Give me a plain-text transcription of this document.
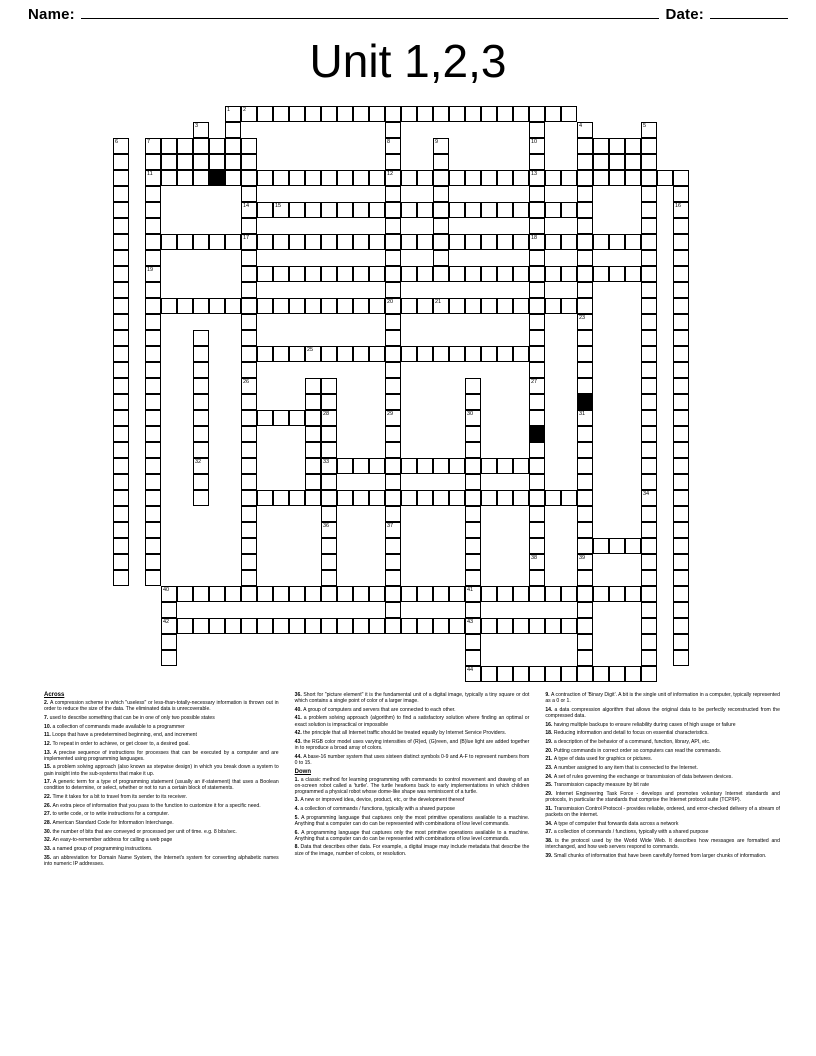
Name:	Date:
Unit 1,2,3
1 2
3	4	5
6	7	8	9	10
11	12	13
14	15	16
17	18
19
20	21
23
25
26	27
28	29	30	31
32	33
34
36	37
38	39
40	41
42	43
44
Across

2. A compression scheme in which "useless" or less-than-totally-necessary information is thrown out in order to reduce the size of the data. The eliminated data is unrecoverable.

7. used to describe something that can be in one of only two possible states

10. a collection of commands made available to a programmer

11. Loops that have a predetermined beginning, end, and increment

12. To repeat in order to achieve, or get closer to, a desired goal.

13. A precise sequence of instructions for processes that can be executed by a computer and are implemented using programming languages.

15. a problem solving approach (also known as stepwise design) in which you break down a system to gain insight into the sub-systems that make it up.

17. A generic term for a type of programming statement (usually an if-statement) that uses a Boolean condition to determine, or select, whether or not to run a certain block of statements.

22. Time it takes for a bit to travel from its sender to its receiver.

26. An extra piece of information that you pass to the function to customize it for a specific need.

27. to write code, or to write instructions for a computer.

28. American Standard Code for Information Interchange.

30. the number of bits that are conveyed or processed per unit of time. e.g. 8 bits/sec.

32. An easy-to-remember address for calling a web page

33. a named group of programming instructions.

35. an abbreviation for Domain Name System, the Internet's system for converting alphabetic names into numeric IP addresses.

36. Short for "picture element" it is the fundamental unit of a digital image, typically a tiny square or dot which contains a single point of color of a larger image.

40. A group of computers and servers that are connected to each other.

41. a problem solving approach (algorithm) to find a satisfactory solution where finding an optimal or exact solution is impractical or impossible

42. the principle that all Internet traffic should be treated equally by Internet Service Providers.

43. the RGB color model uses varying intensities of (R)ed, (G)reen, and (B)lue light are added together in to reproduce a broad array of colors.

44. A base-16 number system that uses sixteen distinct symbols 0-9 and A-F to represent numbers from 0 to 15.

Down

1. a classic method for learning programming with commands to control movement and drawing of an on-screen robot called a 'turtle'. The turtle hearkens back to early implementations in which children programmed a physical robot whose dome-like shape was reminiscent of a turtle.

3. A new or improved idea, device, product, etc, or the development thereof

4. a collection of commands / functions, typically with a shared purpose

5. A programming language that captures only the most primitive operations available to a machine. Anything that a computer can do can be represented with combinations of low level commands.

6. A programming language that captures only the most primitive operations available to a machine. Anything that a computer can do can be represented with combinations of low level commands.

8. Data that describes other data. For example, a digital image may include metadata that describe the size of the image, number of colors, or resolution.

9. A contraction of 'Binary Digit'. A bit is the single unit of information in a computer, typically represented as a 0 or 1.

14. a data compression algorithm that allows the original data to be perfectly reconstructed from the compressed data.

16. having multiple backups to ensure reliability during cases of high usage or failure

18. Reducing information and detail to focus on essential characteristics.

19. a description of the behavior of a command, function, library, API, etc.

20. Putting commands in correct order so computers can read the commands.

21. A type of data used for graphics or pictures.

23. A number assigned to any item that is connected to the Internet.

24. A set of rules governing the exchange or transmission of data between devices.

25. Transmission capacity measure by bit rate

29. Internet Engineering Task Force - develops and promotes voluntary Internet standards and protocols, in particular the standards that comprise the Internet protocol suite (TCP/IP).

31. Transmission Control Protocol - provides reliable, ordered, and error-checked delivery of a stream of packets on the internet.

34. A type of computer that forwards data across a network

37. a collection of commands / functions, typically with a shared purpose

38. is the protocol used by the World Wide Web. It describes how messages are formatted and interchanged, and how web servers respond to commands.

39. Small chunks of information that have been carefully formed from larger chunks of information.
